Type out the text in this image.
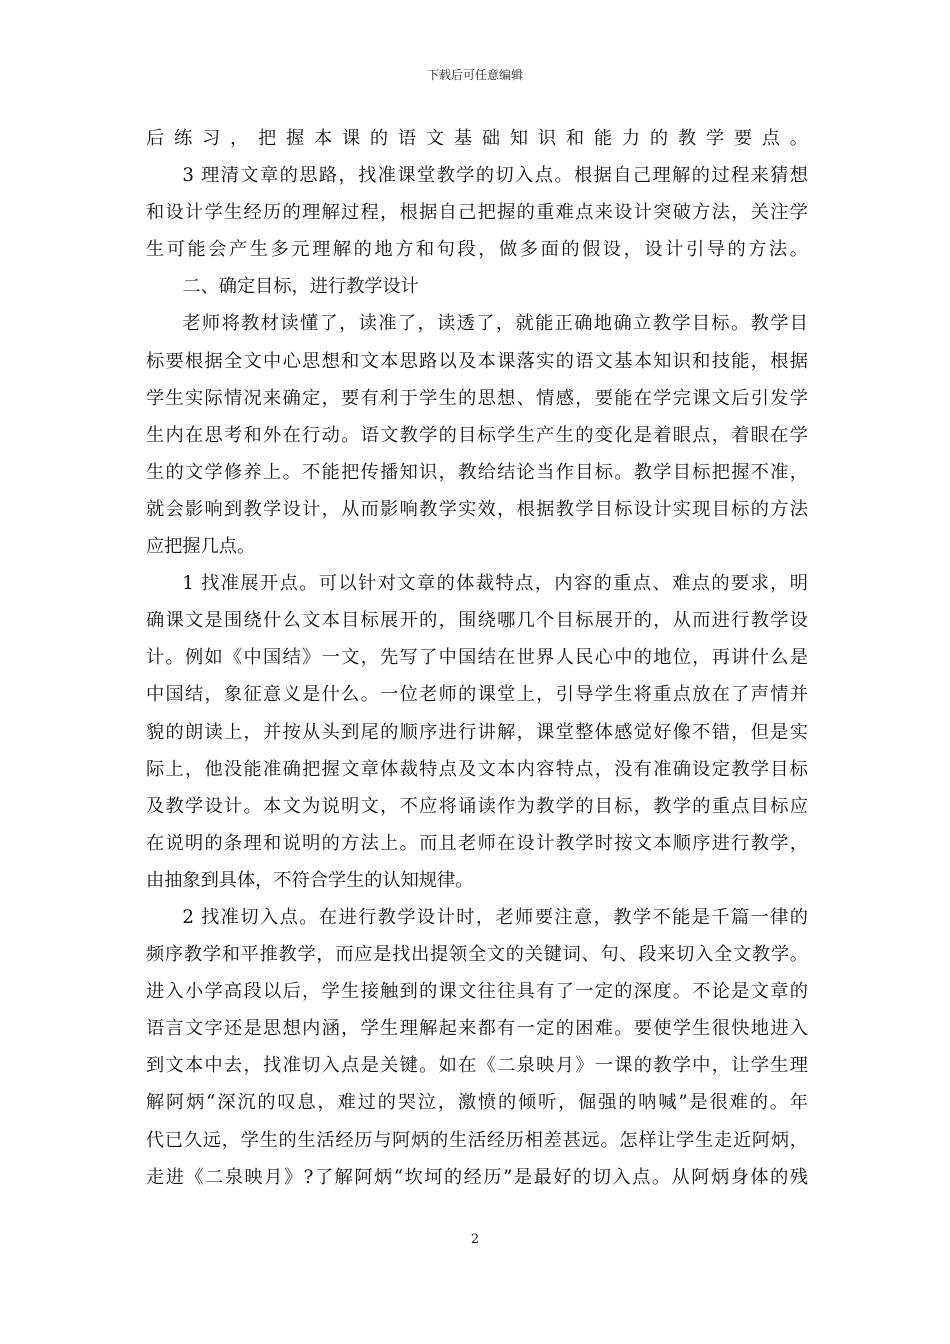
下载后可任意编辑
后练习，把握本课的语文基础知识和能力的教学要点。
3 理清文章的思路，找准课堂教学的切入点。根据自己理解的过程来猜想
和设计学生经历的理解过程，根据自己把握的重难点来设计突破方法，关注学
生可能会产生多元理解的地方和句段，做多面的假设，设计引导的方法。
二、确定目标，进行教学设计
老师将教材读懂了，读准了，读透了，就能正确地确立教学目标。教学目
标要根据全文中心思想和文本思路以及本课落实的语文基本知识和技能，根据
学生实际情况来确定，要有利于学生的思想、情感，要能在学完课文后引发学
生内在思考和外在行动。语文教学的目标学生产生的变化是着眼点，着眼在学
生的文学修养上。不能把传播知识，教给结论当作目标。教学目标把握不准，
就会影响到教学设计，从而影响教学实效，根据教学目标设计实现目标的方法
应把握几点。
1 找准展开点。可以针对文章的体裁特点，内容的重点、难点的要求，明
确课文是围绕什么文本目标展开的，围绕哪几个目标展开的，从而进行教学设
计。例如《中国结》一文，先写了中国结在世界人民心中的地位，再讲什么是
中国结，象征意义是什么。一位老师的课堂上，引导学生将重点放在了声情并
貌的朗读上，并按从头到尾的顺序进行讲解，课堂整体感觉好像不错，但是实
际上，他没能准确把握文章体裁特点及文本内容特点，没有准确设定教学目标
及教学设计。本文为说明文，不应将诵读作为教学的目标，教学的重点目标应
在说明的条理和说明的方法上。而且老师在设计教学时按文本顺序进行教学，
由抽象到具体，不符合学生的认知规律。
2 找准切入点。在进行教学设计时，老师要注意，教学不能是千篇一律的
频序教学和平推教学，而应是找出提领全文的关键词、句、段来切入全文教学。
进入小学高段以后，学生接触到的课文往往具有了一定的深度。不论是文章的
语言文字还是思想内涵，学生理解起来都有一定的困难。要使学生很快地进入
到文本中去，找准切入点是关键。如在《二泉映月》一课的教学中，让学生理
解阿炳“深沉的叹息，难过的哭泣，激愤的倾听，倔强的呐喊”是很难的。年
代已久远，学生的生活经历与阿炳的生活经历相差甚远。怎样让学生走近阿炳，
走进《二泉映月》?了解阿炳“坎坷的经历”是最好的切入点。从阿炳身体的残
2
